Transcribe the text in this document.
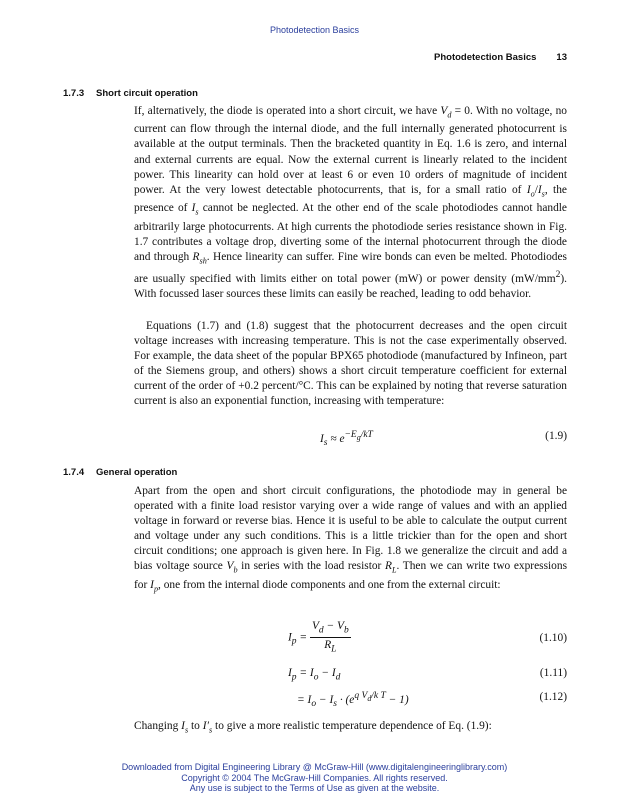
Photodetection Basics
Photodetection Basics 13
1.7.3 Short circuit operation

If, alternatively, the diode is operated into a short circuit, we have $V_d = 0$. With no voltage, no current can flow through the internal diode, and the full internally generated photocurrent is available at the output terminals. Then the bracketed quantity in Eq. 1.6 is zero, and internal and external currents are equal. Now the external current is linearly related to the incident power. This linearity can hold over at least 6 or even 10 orders of magnitude of incident power. At the very lowest detectable photocurrents, that is, for a small ratio of $I_o/I_s$, the presence of $I_s$ cannot be neglected. At the other end of the scale photodiodes cannot handle arbitrarily large photocurrents. At high currents the photodiode series resistance shown in Fig. 1.7 contributes a voltage drop, diverting some of the internal photocurrent through the diode and through $R_{sh}$. Hence linearity can suffer. Fine wire bonds can even be melted. Photodiodes are usually specified with limits either on total power (mW) or power density $(mW/mm^2)$. With focussed laser sources these limits can easily be reached, leading to odd behavior.

Equations (1.7) and (1.8) suggest that the photocurrent decreases and the open circuit voltage increases with increasing temperature. This is not the case experimentally observed. For example, the data sheet of the popular BPX65 photodiode (manufactured by Infineon, part of the Siemens group, and others) shows a short circuit temperature coefficient for external current of the order of +0.2 percent/°C. This can be explained by noting that reverse saturation current is also an exponential function, increasing with temperature:

$I_s \approx e^{-E_g/kT}$	(1.9)
1.7.4 General operation

Apart from the open and short circuit configurations, the photodiode may in general be operated with a finite load resistor varying over a wide range of values and with an applied voltage in forward or reverse bias. Hence it is useful to be able to calculate the output current and voltage under any such conditions. This is a little trickier than for the open and short circuit conditions; one approach is given here. In Fig. 1.8 we generalize the circuit and add a bias voltage source $V_b$ in series with the load resistor $R_L$. Then we can write two expressions for $I_p$, one from the internal diode components and one from the external circuit:

$I_p = \frac{V_d - V_b}{R_L}$	(1.10)
$I_p = I_o - I_d$	(1.11)
= $I_o - I_s \cdot (e^{q V_d/k T} - 1)$	(1.12)

Changing $I_s$ to $I'_s$ to give a more realistic temperature dependence of Eq. (1.9):

Downloaded from Digital Engineering Library @ McGraw-Hill (www.digitalengineeringlibrary.com)
Copyright © 2004 The McGraw-Hill Companies. All rights reserved.
Any use is subject to the Terms of Use as given at the website.
